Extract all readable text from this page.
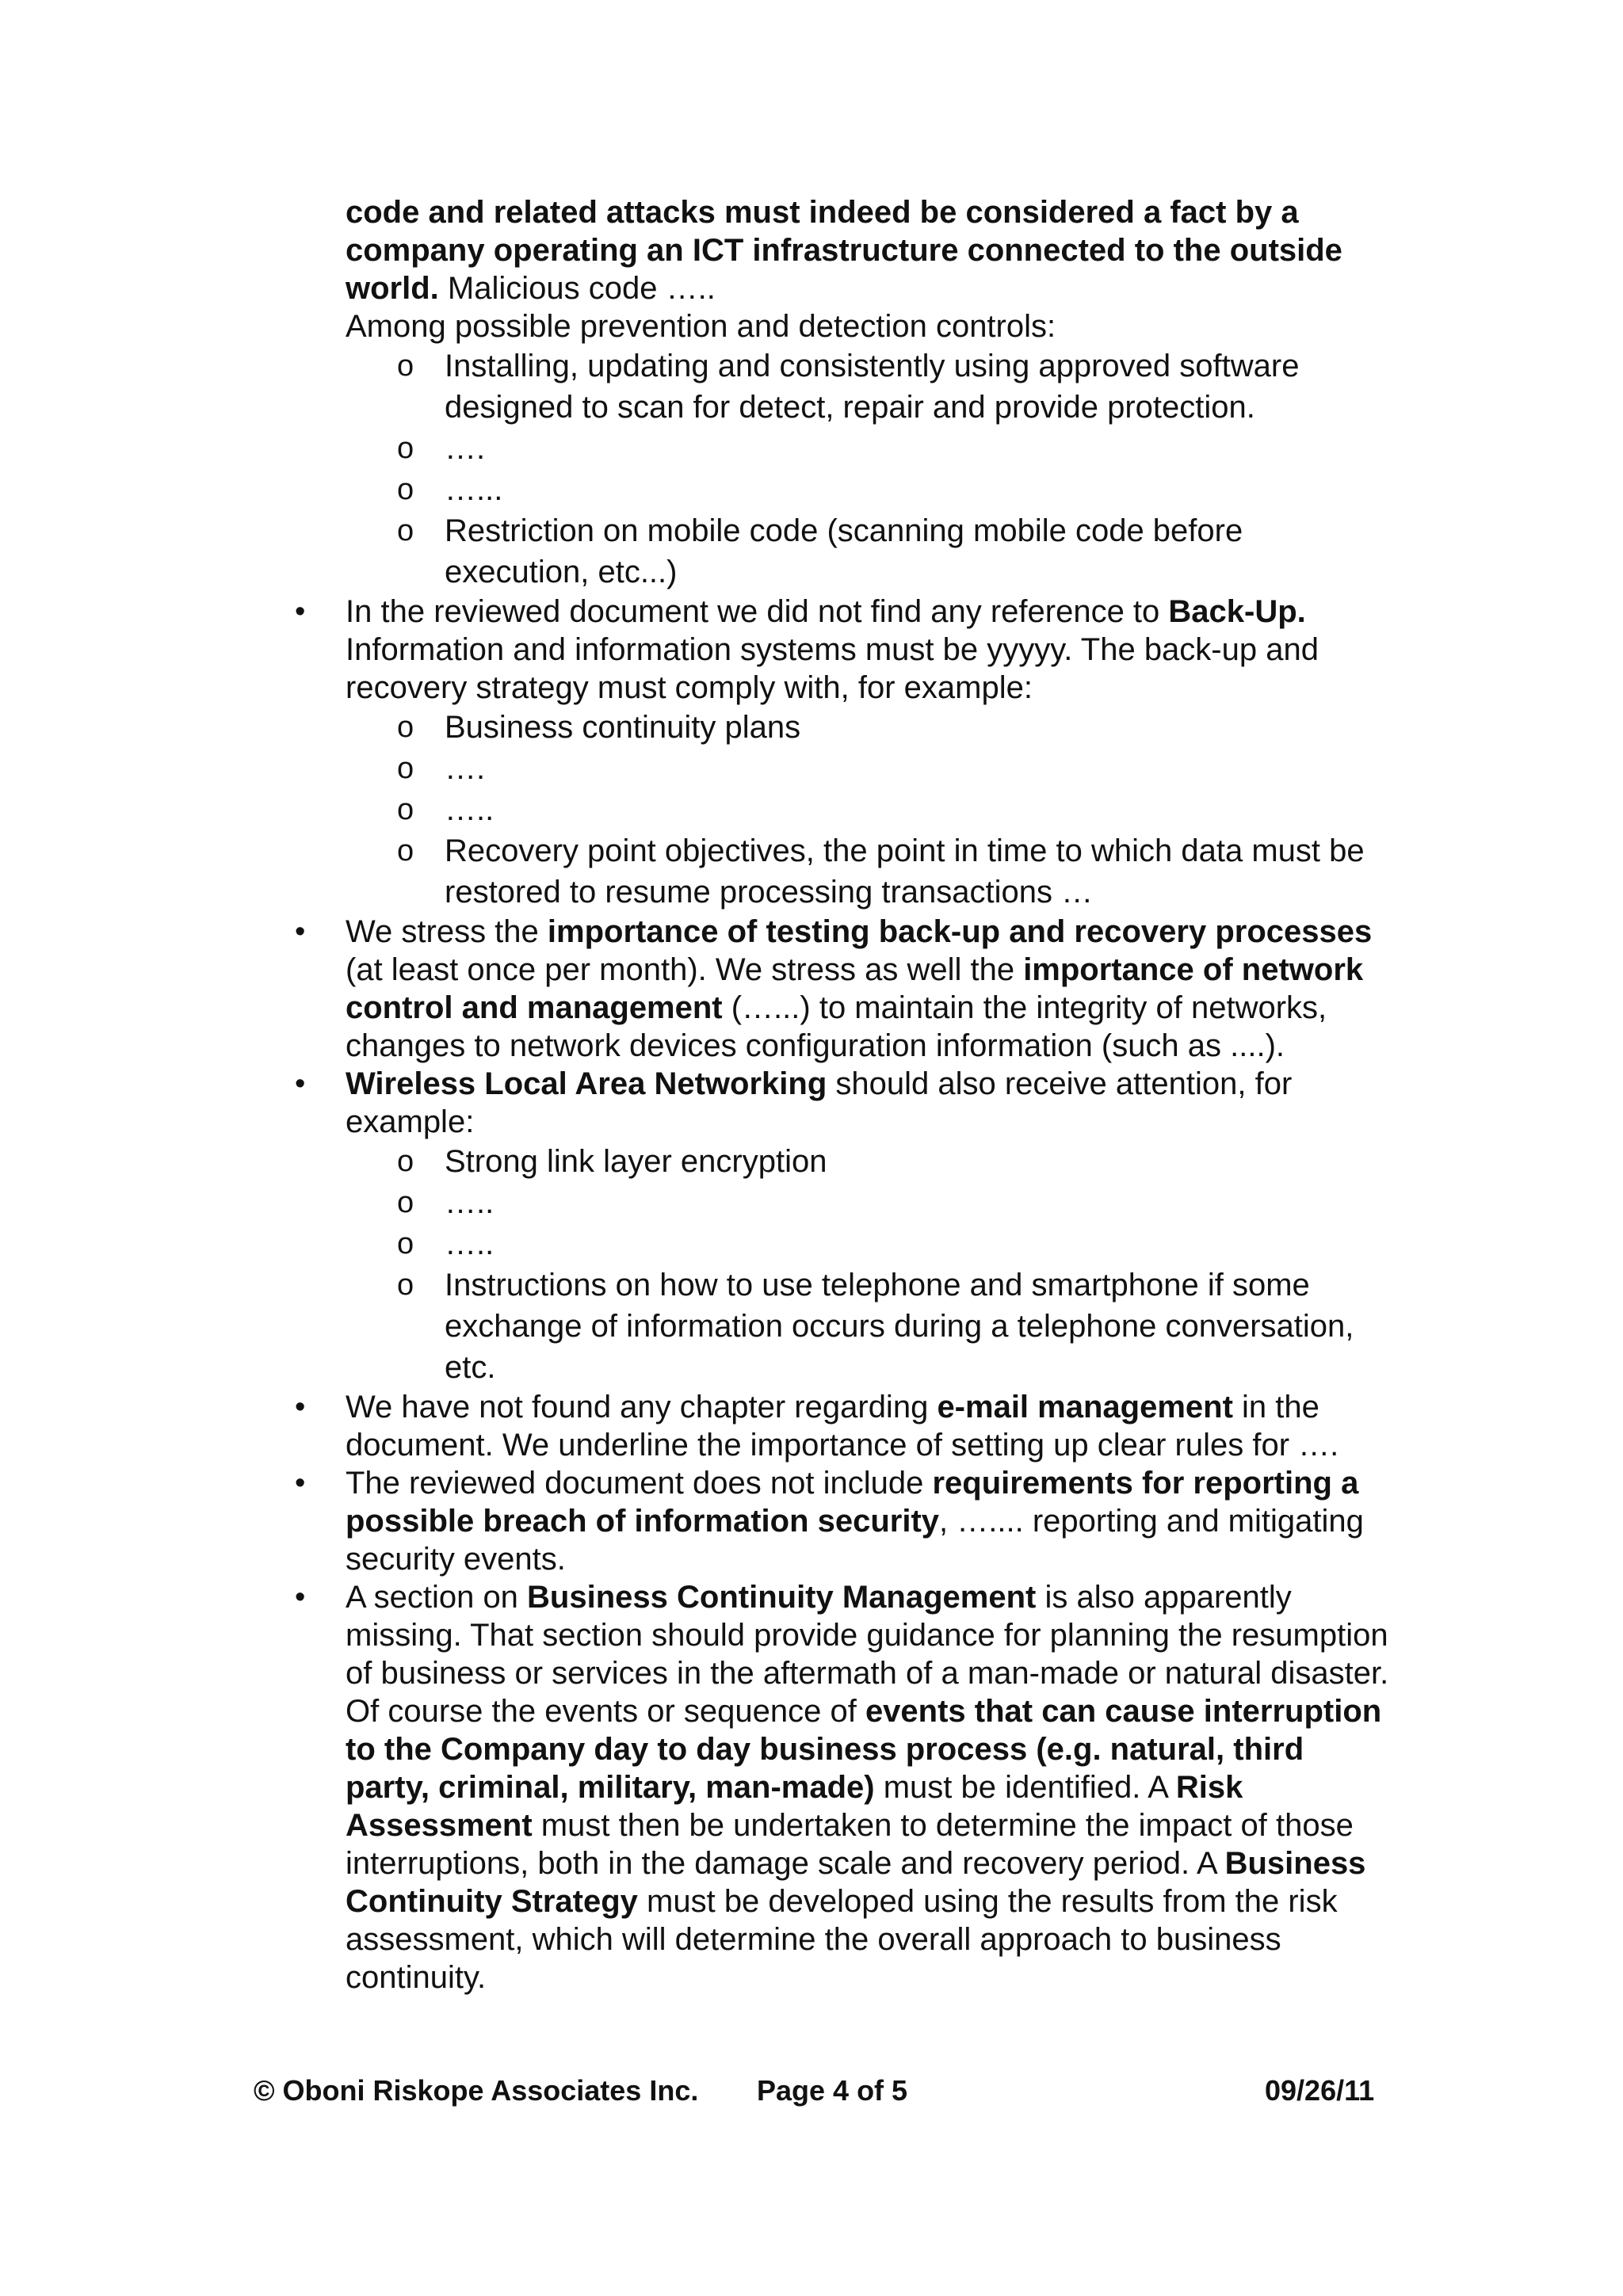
code and related attacks must indeed be considered a fact by a company operating an ICT infrastructure connected to the outside world. Malicious code …..
Among possible prevention and detection controls:
o Installing, updating and consistently using approved software designed to scan for detect, repair and provide protection.
o ….
o …...
o Restriction on mobile code (scanning mobile code before execution, etc...)
•	In the reviewed document we did not find any reference to Back-Up. Information and information systems must be yyyyy. The back-up and recovery strategy must comply with, for example:
o Business continuity plans
o ….
o …..
o Recovery point objectives, the point in time to which data must be restored to resume processing transactions …
•	We stress the importance of testing back-up and recovery processes (at least once per month). We stress as well the importance of network control and management (…...) to maintain the integrity of networks, changes to network devices configuration information (such as ....).
•	Wireless Local Area Networking should also receive attention, for example:
o Strong link layer encryption
o …..
o …..
o Instructions on how to use telephone and smartphone if some exchange of information occurs during a telephone conversation, etc.
•	We have not found any chapter regarding e-mail management in the document. We underline the importance of setting up clear rules for ….
•	The reviewed document does not include requirements for reporting a possible breach of information security, ….... reporting and mitigating security events.
•	A section on Business Continuity Management is also apparently missing. That section should provide guidance for planning the resumption of business or services in the aftermath of a man-made or natural disaster. Of course the events or sequence of events that can cause interruption to the Company day to day business process (e.g. natural, third party, criminal, military, man-made) must be identified. A Risk Assessment must then be undertaken to determine the impact of those interruptions, both in the damage scale and recovery period. A Business Continuity Strategy must be developed using the results from the risk assessment, which will determine the overall approach to business continuity.
© Oboni Riskope Associates Inc. Page 4 of 5	09/26/11
